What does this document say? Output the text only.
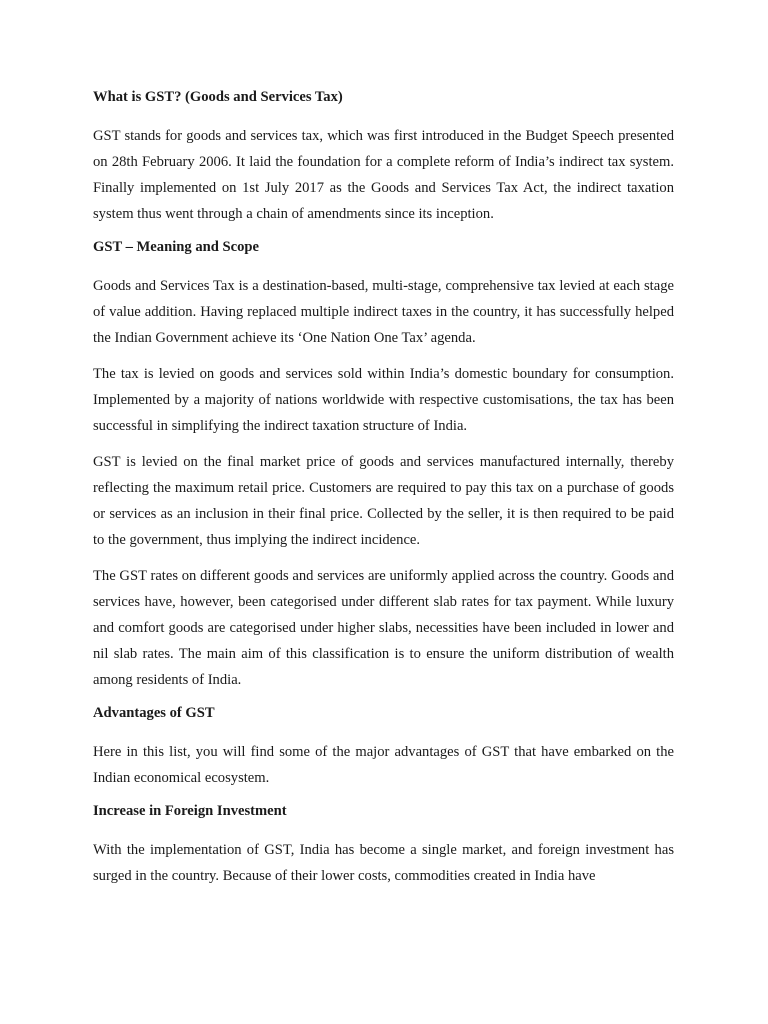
What is GST? (Goods and Services Tax)

GST stands for goods and services tax, which was first introduced in the Budget Speech presented on 28th February 2006. It laid the foundation for a complete reform of India’s indirect tax system. Finally implemented on 1st July 2017 as the Goods and Services Tax Act, the indirect taxation system thus went through a chain of amendments since its inception.

GST – Meaning and Scope

Goods and Services Tax is a destination-based, multi-stage, comprehensive tax levied at each stage of value addition. Having replaced multiple indirect taxes in the country, it has successfully helped the Indian Government achieve its ‘One Nation One Tax’ agenda.

The tax is levied on goods and services sold within India’s domestic boundary for consumption. Implemented by a majority of nations worldwide with respective customisations, the tax has been successful in simplifying the indirect taxation structure of India.

GST is levied on the final market price of goods and services manufactured internally, thereby reflecting the maximum retail price. Customers are required to pay this tax on a purchase of goods or services as an inclusion in their final price. Collected by the seller, it is then required to be paid to the government, thus implying the indirect incidence.

The GST rates on different goods and services are uniformly applied across the country. Goods and services have, however, been categorised under different slab rates for tax payment. While luxury and comfort goods are categorised under higher slabs, necessities have been included in lower and nil slab rates. The main aim of this classification is to ensure the uniform distribution of wealth among residents of India.

Advantages of GST

Here in this list, you will find some of the major advantages of GST that have embarked on the Indian economical ecosystem.

Increase in Foreign Investment

With the implementation of GST, India has become a single market, and foreign investment has surged in the country. Because of their lower costs, commodities created in India have
